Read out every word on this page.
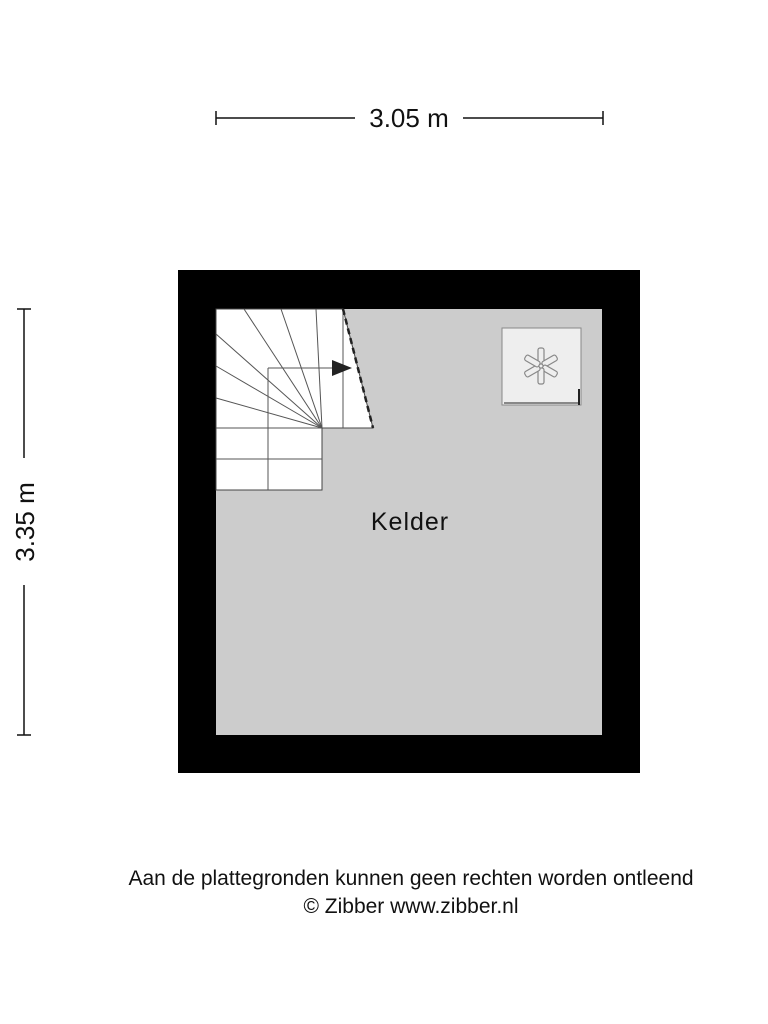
3.05 m
3.35 m	Kelder
Aan de plattegronden kunnen geen rechten worden ontleend
© Zibber www.zibber.nl
